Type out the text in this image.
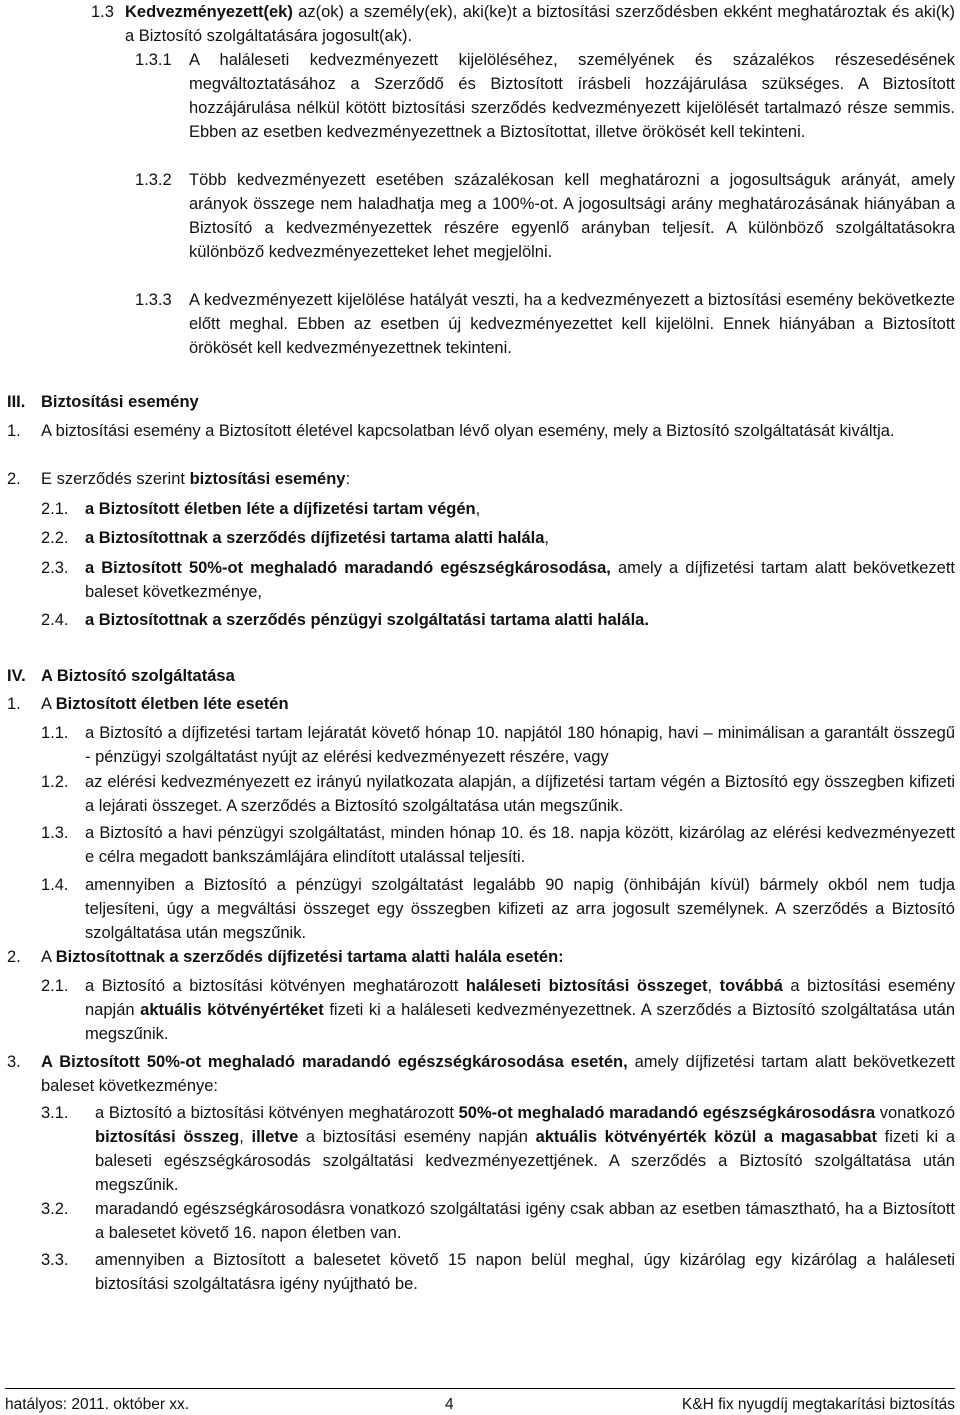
1.3 Kedvezményezett(ek) az(ok) a személy(ek), aki(ke)t a biztosítási szerződésben ekként meghatároztak és aki(k) a Biztosító szolgáltatására jogosult(ak).
1.3.1	A haláleseti kedvezményezett kijelöléséhez, személyének és százalékos részesedésének megváltoztatásához a Szerződő és Biztosított írásbeli hozzájárulása szükséges. A Biztosított hozzájárulása nélkül kötött biztosítási szerződés kedvezményezett kijelölését tartalmazó része semmis. Ebben az esetben kedvezményezettnek a Biztosítottat, illetve örökösét kell tekinteni.
1.3.2	Több kedvezményezett esetében százalékosan kell meghatározni a jogosultságuk arányát, amely arányok összege nem haladhatja meg a 100%-ot. A jogosultsági arány meghatározásának hiányában a Biztosító a kedvezményezettek részére egyenlő arányban teljesít. A különböző szolgáltatásokra különböző kedvezményezetteket lehet megjelölni.
1.3.3	A kedvezményezett kijelölése hatályát veszti, ha a kedvezményezett a biztosítási esemény bekövetkezte előtt meghal. Ebben az esetben új kedvezményezettet kell kijelölni. Ennek hiányában a Biztosított örökösét kell kedvezményezettnek tekinteni.
III. Biztosítási esemény
1.	A biztosítási esemény a Biztosított életével kapcsolatban lévő olyan esemény, mely a Biztosító szolgáltatását kiváltja.
2.	E szerződés szerint biztosítási esemény:
2.1. a Biztosított életben léte a díjfizetési tartam végén,
2.2. a Biztosítottnak a szerződés díjfizetési tartama alatti halála,
2.3. a Biztosított 50%-ot meghaladó maradandó egészségkárosodása, amely a díjfizetési tartam alatt bekövetkezett baleset következménye,
2.4. a Biztosítottnak a szerződés pénzügyi szolgáltatási tartama alatti halála.
IV. A Biztosító szolgáltatása
1.	A Biztosított életben léte esetén
1.1. a Biztosító a díjfizetési tartam lejáratát követő hónap 10. napjától 180 hónapig, havi – minimálisan a garantált összegű - pénzügyi szolgáltatást nyújt az elérési kedvezményezett részére, vagy
1.2. az elérési kedvezményezett ez irányú nyilatkozata alapján, a díjfizetési tartam végén a Biztosító egy összegben kifizeti a lejárati összeget. A szerződés a Biztosító szolgáltatása után megszűnik.
1.3. a Biztosító a havi pénzügyi szolgáltatást, minden hónap 10. és 18. napja között, kizárólag az elérési kedvezményezett e célra megadott bankszámlájára elindított utalással teljesíti.
1.4. amennyiben a Biztosító a pénzügyi szolgáltatást legalább 90 napig (önhibáján kívül) bármely okból nem tudja teljesíteni, úgy a megváltási összeget egy összegben kifizeti az arra jogosult személynek. A szerződés a Biztosító szolgáltatása után megszűnik.
2.	A Biztosítottnak a szerződés díjfizetési tartama alatti halála esetén:
2.1. a Biztosító a biztosítási kötvényen meghatározott haláleseti biztosítási összeget, továbbá a biztosítási esemény napján aktuális kötvényértéket fizeti ki a haláleseti kedvezményezettnek. A szerződés a Biztosító szolgáltatása után megszűnik.
3.	A Biztosított 50%-ot meghaladó maradandó egészségkárosodása esetén, amely díjfizetési tartam alatt bekövetkezett baleset következménye:
3.1.	a Biztosító a biztosítási kötvényen meghatározott 50%-ot meghaladó maradandó egészségkárosodásra vonatkozó biztosítási összeg, illetve a biztosítási esemény napján aktuális kötvényérték közül a magasabbat fizeti ki a baleseti egészségkárosodás szolgáltatási kedvezményezettjének. A szerződés a Biztosító szolgáltatása után megszűnik.
3.2.	maradandó egészségkárosodásra vonatkozó szolgáltatási igény csak abban az esetben támasztható, ha a Biztosított a balesetet követő 16. napon életben van.
3.3.	amennyiben a Biztosított a balesetet követő 15 napon belül meghal, úgy kizárólag egy kizárólag a haláleseti biztosítási szolgáltatásra igény nyújtható be.
hatályos: 2011. október xx.	4	K&H fix nyugdíj megtakarítási biztosítás
